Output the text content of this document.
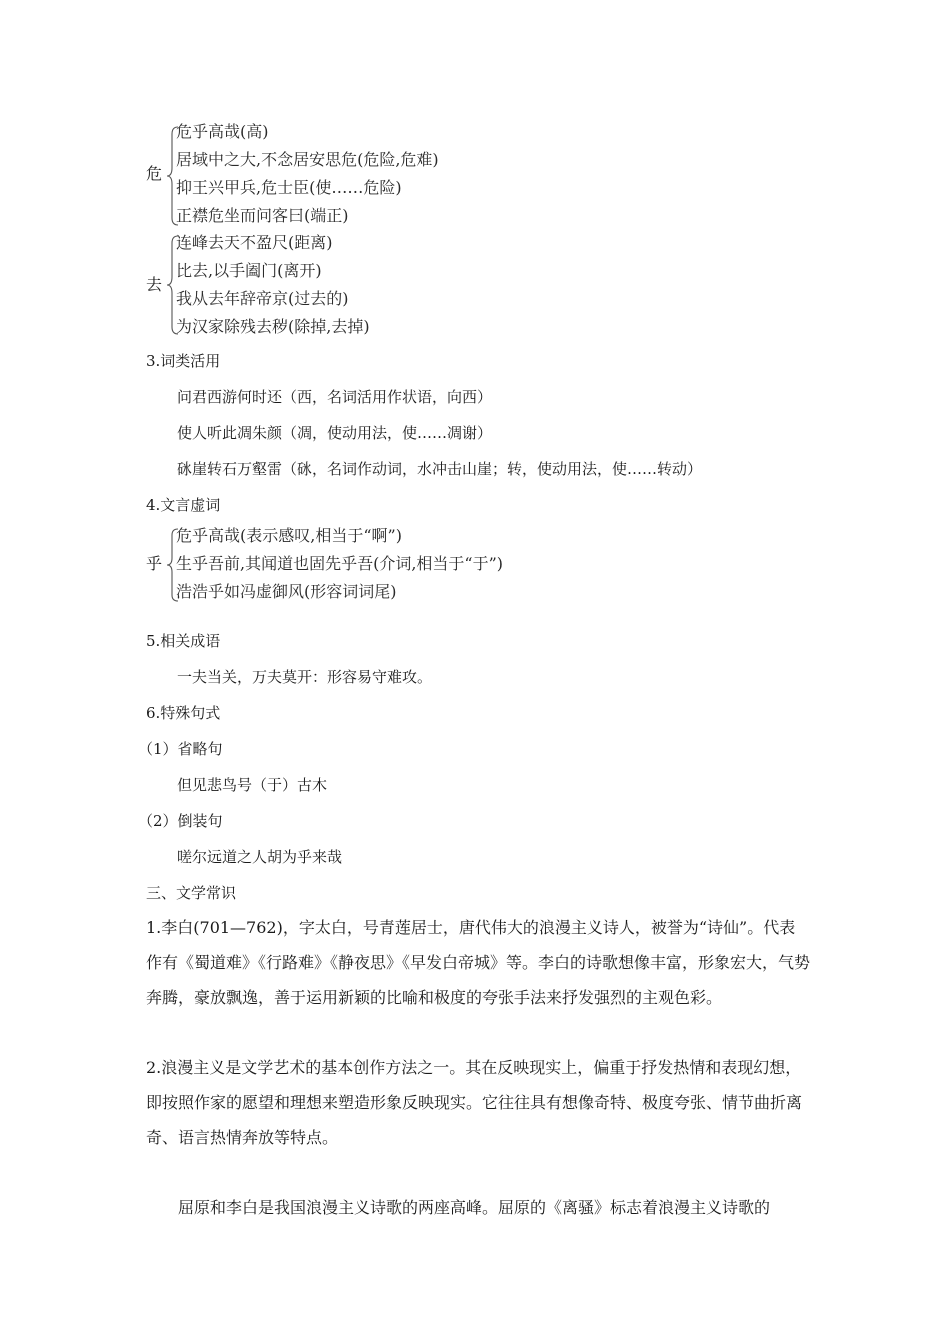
危
危乎高哉(高)
居域中之大,不念居安思危(危险,危难)
抑王兴甲兵,危士臣(使……危险)
正襟危坐而问客曰(端正)
去
连峰去天不盈尺(距离)
比去,以手阖门(离开)
我从去年辞帝京(过去的)
为汉家除残去秽(除掉,去掉)
3.词类活用
问君西游何时还（西，名词活用作状语，向西）
使人听此凋朱颜（凋，使动用法，使……凋谢）
砯崖转石万壑雷（砯，名词作动词，水冲击山崖；转，使动用法，使……转动）
4.文言虚词
乎
危乎高哉(表示感叹,相当于“啊”)
生乎吾前,其闻道也固先乎吾(介词,相当于“于”)
浩浩乎如冯虚御风(形容词词尾)
5.相关成语
一夫当关，万夫莫开：形容易守难攻。
6.特殊句式
（1）省略句
但见悲鸟号（于）古木
（2）倒装句
嗟尔远道之人胡为乎来哉
三、文学常识

1.李白(701—762)，字太白，号青莲居士，唐代伟大的浪漫主义诗人，被誉为“诗仙”。代表作有《蜀道难》《行路难》《静夜思》《早发白帝城》等。李白的诗歌想像丰富，形象宏大，气势奔腾，豪放飘逸，善于运用新颖的比喻和极度的夸张手法来抒发强烈的主观色彩。

2.浪漫主义是文学艺术的基本创作方法之一。其在反映现实上，偏重于抒发热情和表现幻想，即按照作家的愿望和理想来塑造形象反映现实。它往往具有想像奇特、极度夸张、情节曲折离奇、语言热情奔放等特点。

屈原和李白是我国浪漫主义诗歌的两座高峰。屈原的《离骚》标志着浪漫主义诗歌的
